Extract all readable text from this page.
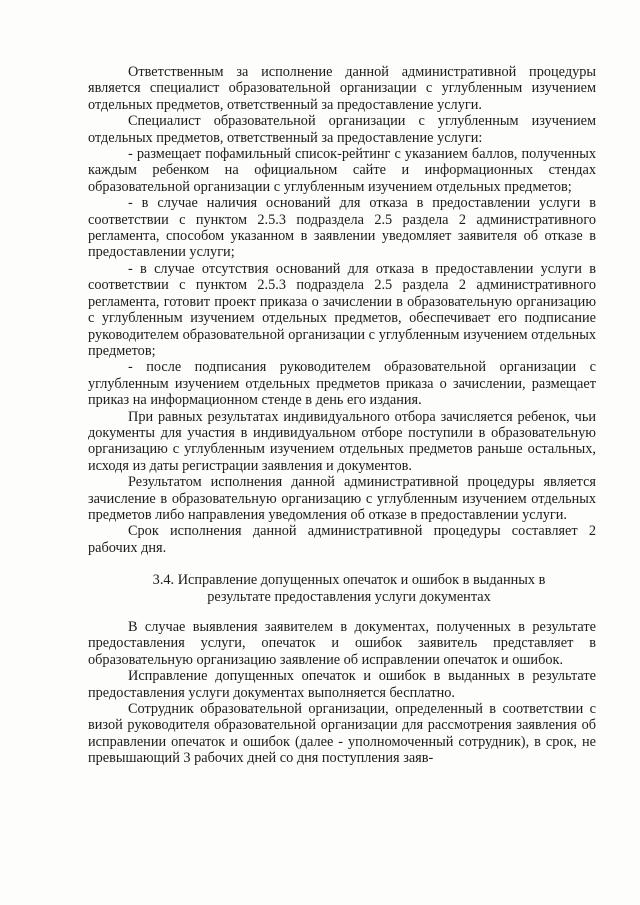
Ответственным за исполнение данной административной процедуры является специалист образовательной организации с углубленным изучением отдельных предметов, ответственный за предоставление услуги.

Специалист образовательной организации с углубленным изучением отдельных предметов, ответственный за предоставление услуги:

- размещает пофамильный список-рейтинг с указанием баллов, полученных каждым ребенком на официальном сайте и информационных стендах образовательной организации с углубленным изучением отдельных предметов;

- в случае наличия оснований для отказа в предоставлении услуги в соответствии с пунктом 2.5.3 подраздела 2.5 раздела 2 административного регламента, способом указанном в заявлении уведомляет заявителя об отказе в предоставлении услуги;

- в случае отсутствия оснований для отказа в предоставлении услуги в соответствии с пунктом 2.5.3 подраздела 2.5 раздела 2 административного регламента, готовит проект приказа о зачислении в образовательную организацию с углубленным изучением отдельных предметов, обеспечивает его подписание руководителем образовательной организации с углубленным изучением отдельных предметов;

- после подписания руководителем образовательной организации с углубленным изучением отдельных предметов приказа о зачислении, размещает приказ на информационном стенде в день его издания.

При равных результатах индивидуального отбора зачисляется ребенок, чьи документы для участия в индивидуальном отборе поступили в образовательную организацию с углубленным изучением отдельных предметов раньше остальных, исходя из даты регистрации заявления и документов.

Результатом исполнения данной административной процедуры является зачисление в образовательную организацию с углубленным изучением отдельных предметов либо направления уведомления об отказе в предоставлении услуги.

Срок исполнения данной административной процедуры составляет 2 рабочих дня.

3.4. Исправление допущенных опечаток и ошибок в выданных в результате предоставления услуги документах

В случае выявления заявителем в документах, полученных в результате предоставления услуги, опечаток и ошибок заявитель представляет в образовательную организацию заявление об исправлении опечаток и ошибок.

Исправление допущенных опечаток и ошибок в выданных в результате предоставления услуги документах выполняется бесплатно.

Сотрудник образовательной организации, определенный в соответствии с визой руководителя образовательной организации для рассмотрения заявления об исправлении опечаток и ошибок (далее - уполномоченный сотрудник), в срок, не превышающий 3 рабочих дней со дня поступления заяв-
